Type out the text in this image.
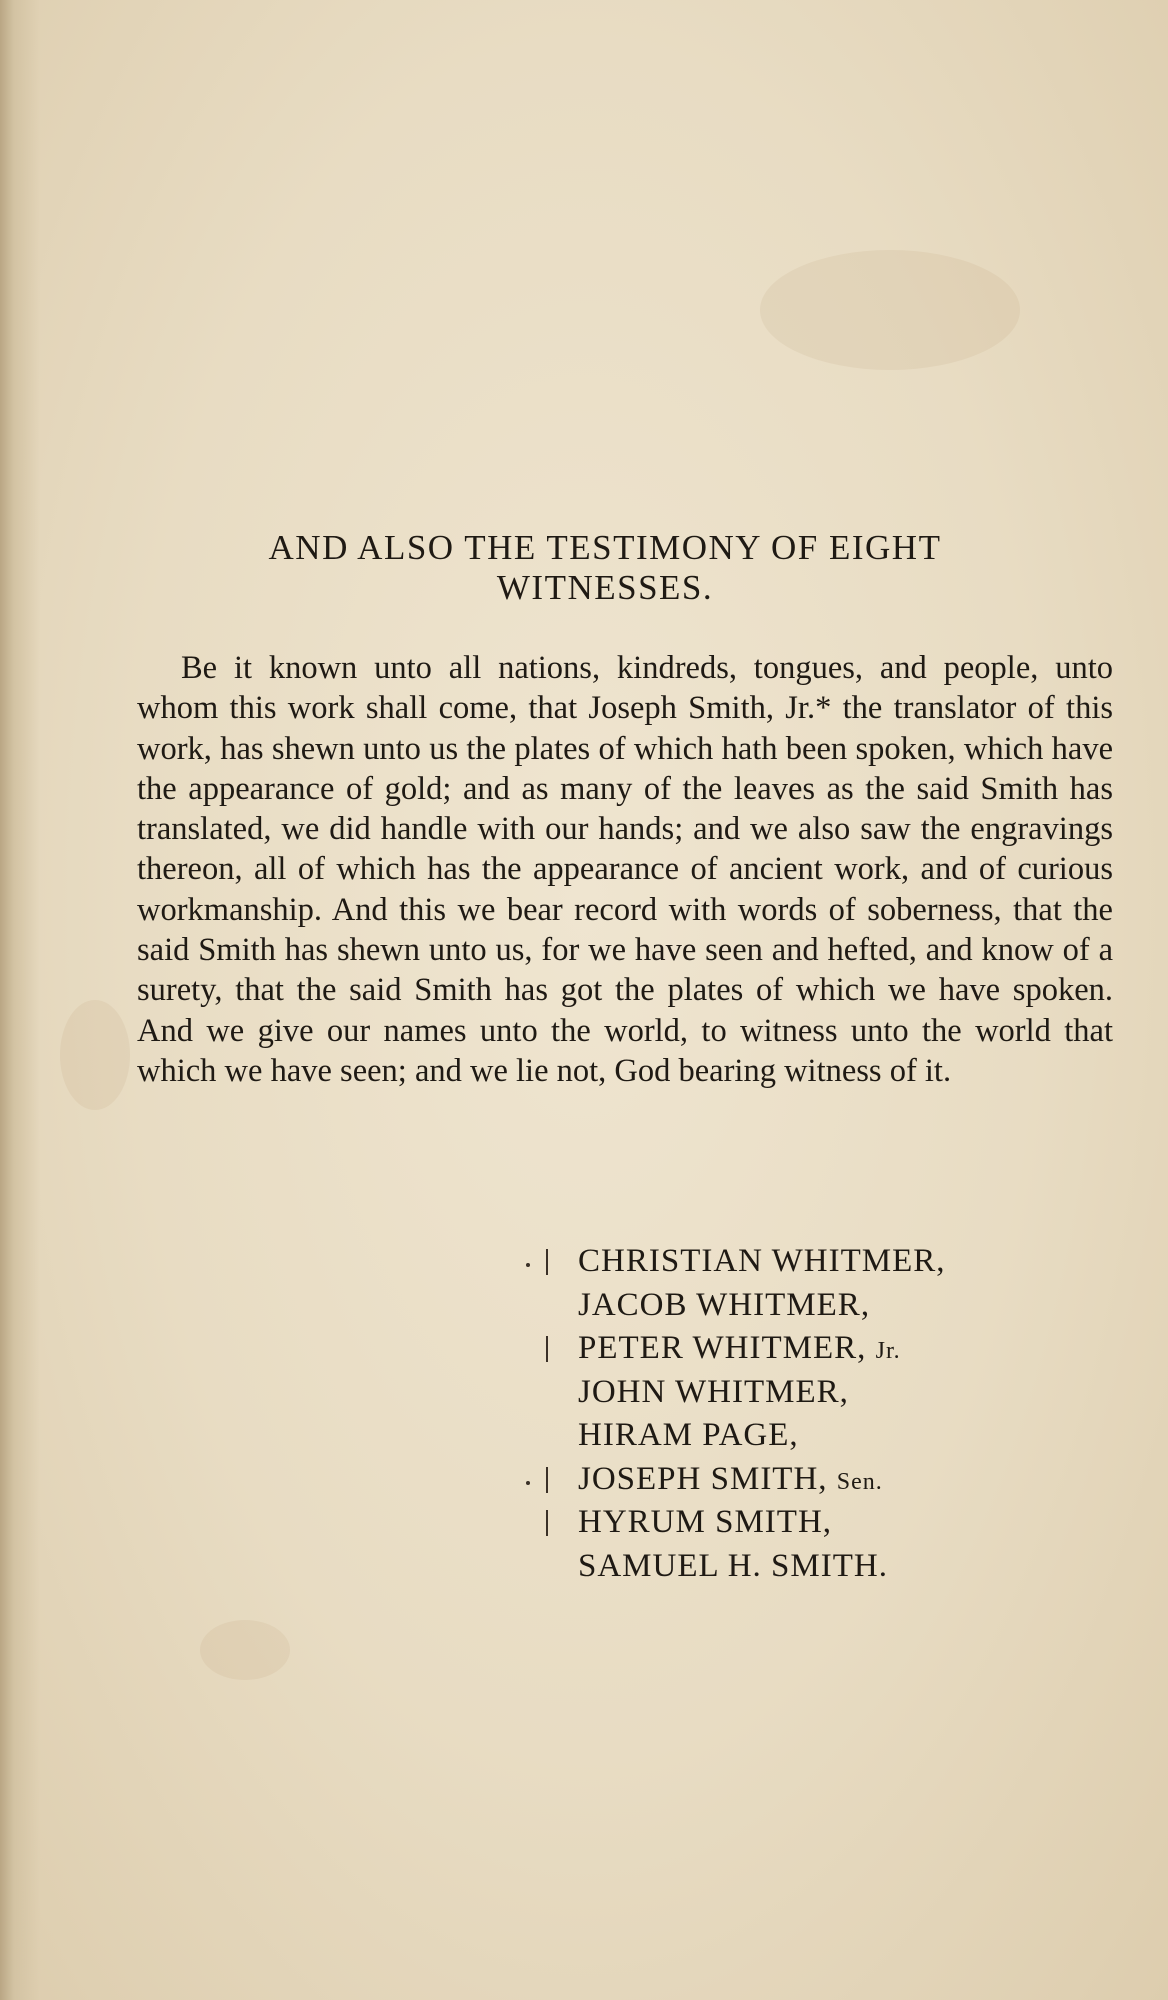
AND ALSO THE TESTIMONY OF EIGHT
WITNESSES.

Be it known unto all nations, kindreds, tongues, and people, unto whom this work shall come, that Joseph Smith, Jr.* the translator of this work, has shewn unto us the plates of which hath been spoken, which have the appearance of gold; and as many of the leaves as the said Smith has translated, we did handle with our hands; and we also saw the engravings thereon, all of which has the appearance of ancient work, and of curious workmanship. And this we bear record with words of soberness, that the said Smith has shewn unto us, for we have seen and hefted, and know of a surety, that the said Smith has got the plates of which we have spoken. And we give our names unto the world, to witness unto the world that which we have seen; and we lie not, God bearing witness of it.

CHRISTIAN WHITMER,
JACOB WHITMER,
PETER WHITMER, Jr.
JOHN WHITMER,
HIRAM PAGE,
JOSEPH SMITH, Sen.
HYRUM SMITH,
SAMUEL H. SMITH.
